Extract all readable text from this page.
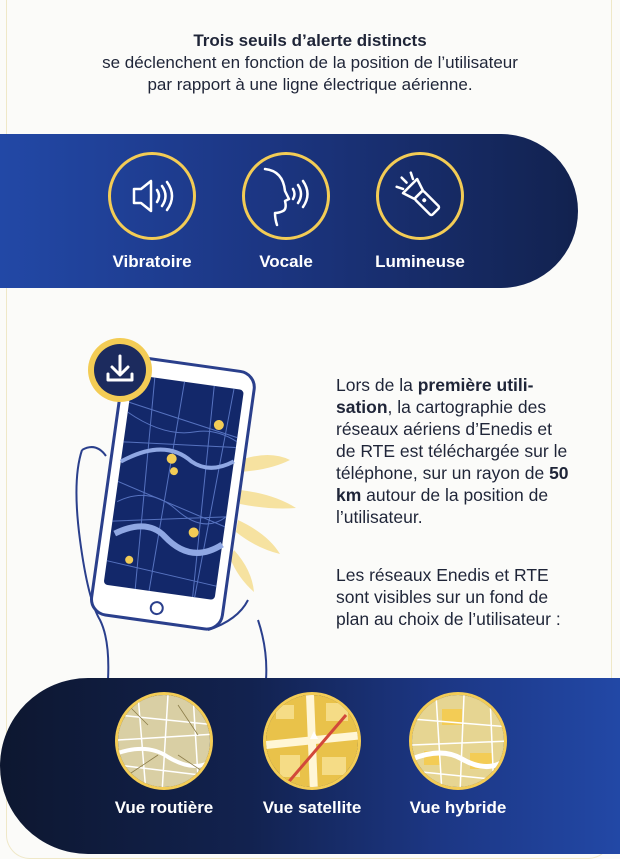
Trois seuils d’alerte distincts
se déclenchent en fonction de la position de l’utilisateur
par rapport à une ligne électrique aérienne.
Vibratoire	Vocale	Lumineuse
Lors de la première utili-sation, la cartographie des réseaux aériens d’Enedis et de RTE est téléchargée sur le téléphone, sur un rayon de 50 km autour de la position de l’utilisateur.
Les réseaux Enedis et RTE sont visibles sur un fond de plan au choix de l’utilisateur :
Vue routière	Vue satellite	Vue hybride
